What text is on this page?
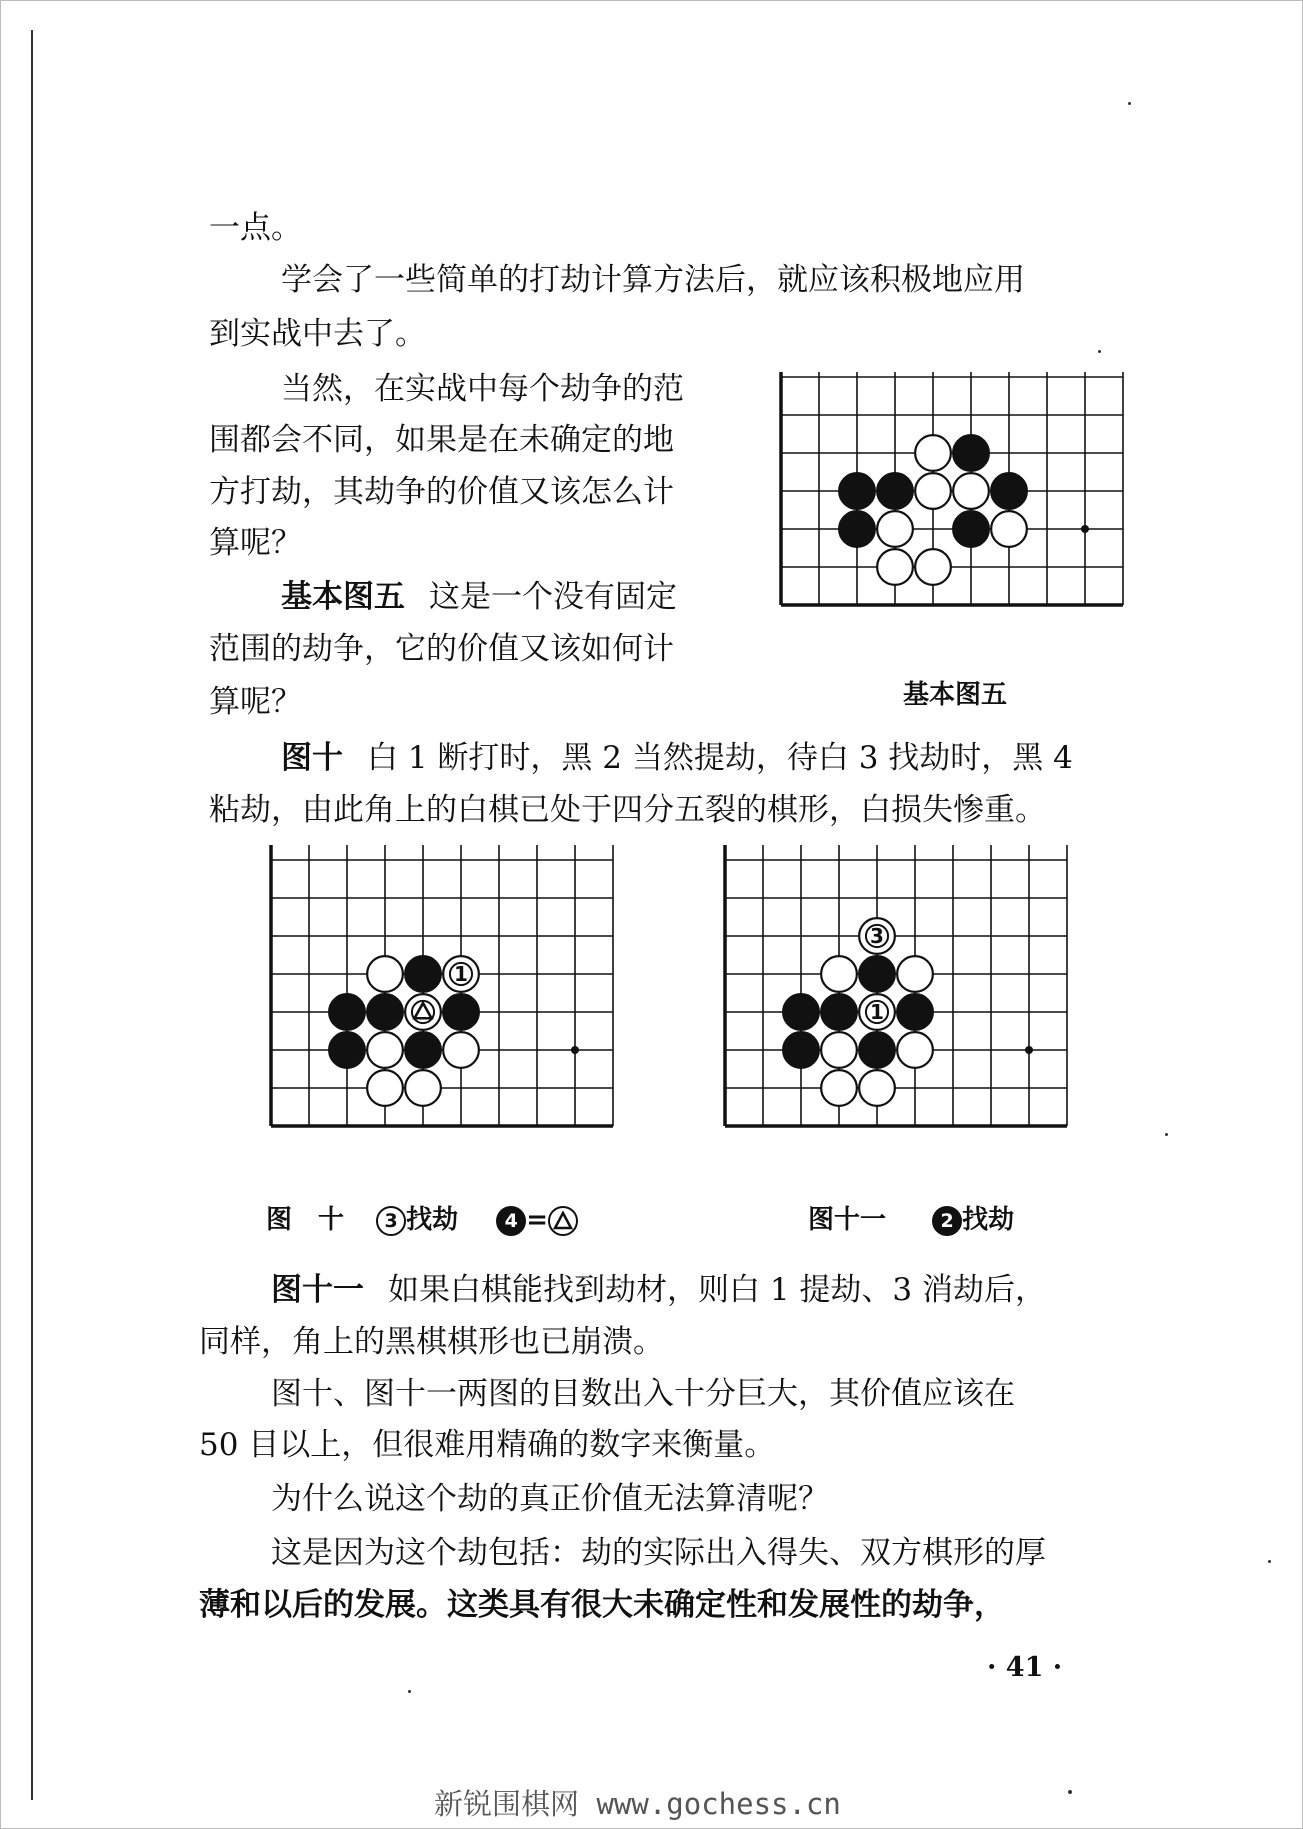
一点。

学会了一些简单的打劫计算方法后，就应该积极地应用

到实战中去了。

当然，在实战中每个劫争的范

围都会不同，如果是在未确定的地

方打劫，其劫争的价值又该怎么计

算呢？

基本图五 这是一个没有固定

范围的劫争，它的价值又该如何计

算呢？

图十 白 1 断打时，黑 2 当然提劫，待白 3 找劫时，黑 4

粘劫，由此角上的白棋已处于四分五裂的棋形，白损失惨重。

基本图五
1
图　十 3 找劫 4 =
3
1
图十一	2 找劫

图十一 如果白棋能找到劫材，则白 1 提劫、3 消劫后，

同样，角上的黑棋棋形也已崩溃。

图十、图十一两图的目数出入十分巨大，其价值应该在

50 目以上，但很难用精确的数字来衡量。

为什么说这个劫的真正价值无法算清呢？

这是因为这个劫包括：劫的实际出入得失、双方棋形的厚

薄和以后的发展。这类具有很大未确定性和发展性的劫争，

· 41 ·
新锐围棋网 www.gochess.cn
